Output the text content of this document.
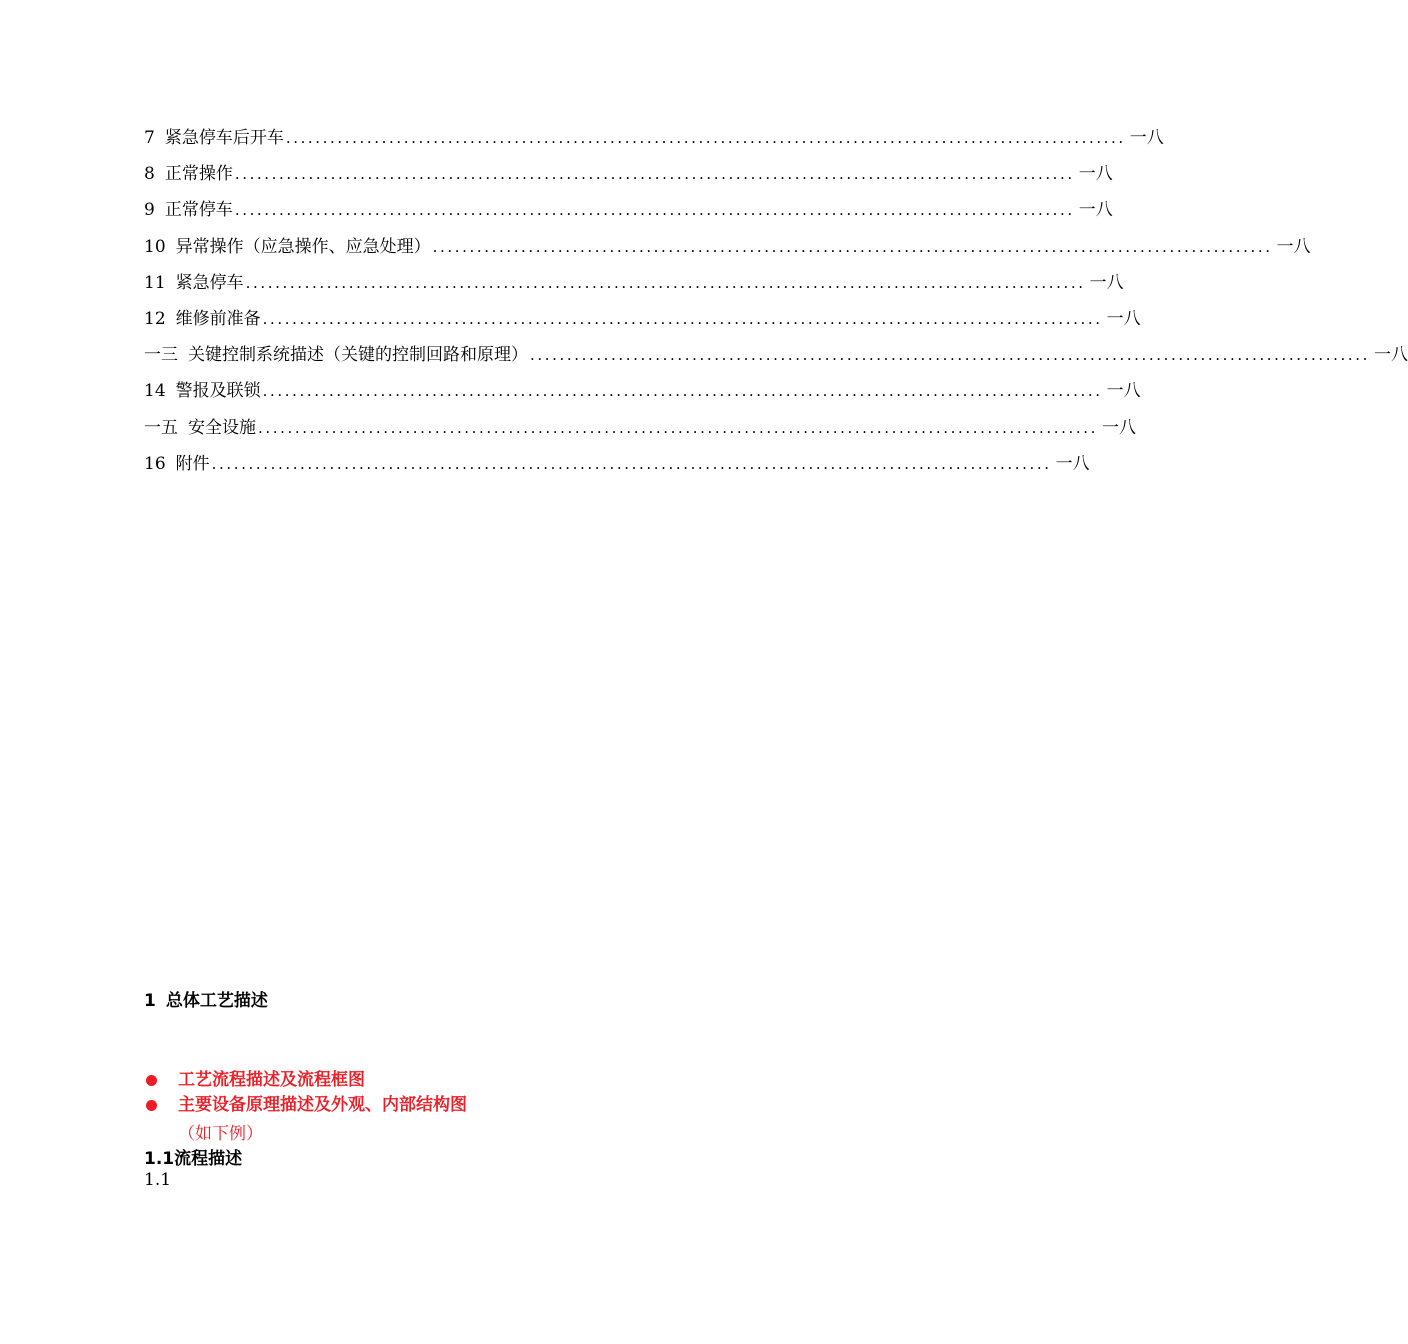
7 紧急停车后开车 .................................................................................................................. 一八
8 正常操作 .................................................................................................................. 一八
9 正常停车 .................................................................................................................. 一八
10 异常操作（应急操作、应急处理） .................................................................................................................. 一八
11 紧急停车 .................................................................................................................. 一八
12 维修前准备 .................................................................................................................. 一八
一三 关键控制系统描述（关键的控制回路和原理） .................................................................................................................. 一八
14 警报及联锁 .................................................................................................................. 一八
一五 安全设施 .................................................................................................................. 一八
16 附件 .................................................................................................................. 一八
1 总体工艺描述
工艺流程描述及流程框图
主要设备原理描述及外观、内部结构图
（如下例）
1.1流程描述
1.1
